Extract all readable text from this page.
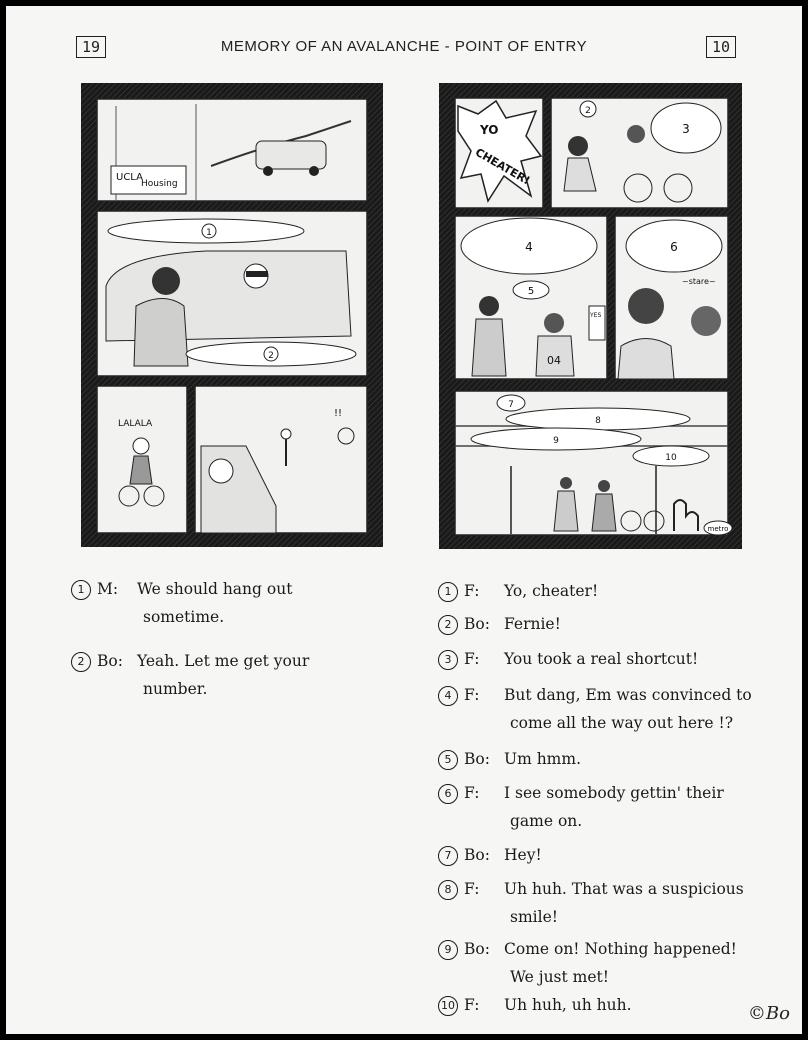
19	MEMORY OF AN AVALANCHE - POINT OF ENTRY	10
UCLA
Housing
1
2
LALALA
!!
YO
CHEATER!
2
3
4
5
04
YES
6
~stare~
7
8
9
10
metro
1 M: We should hang out
sometime.
2 Bo: Yeah. Let me get your
number.
1 F: Yo, cheater!
2 Bo: Fernie!
3 F: You took a real shortcut!
4 F: But dang, Em was convinced to
come all the way out here !?
5 Bo: Um hmm.
6 F: I see somebody gettin' their
game on.
7 Bo: Hey!
8 F: Uh huh. That was a suspicious
smile!
9 Bo: Come on! Nothing happened!
We just met!
10 F: Uh huh, uh huh.	©Bo
